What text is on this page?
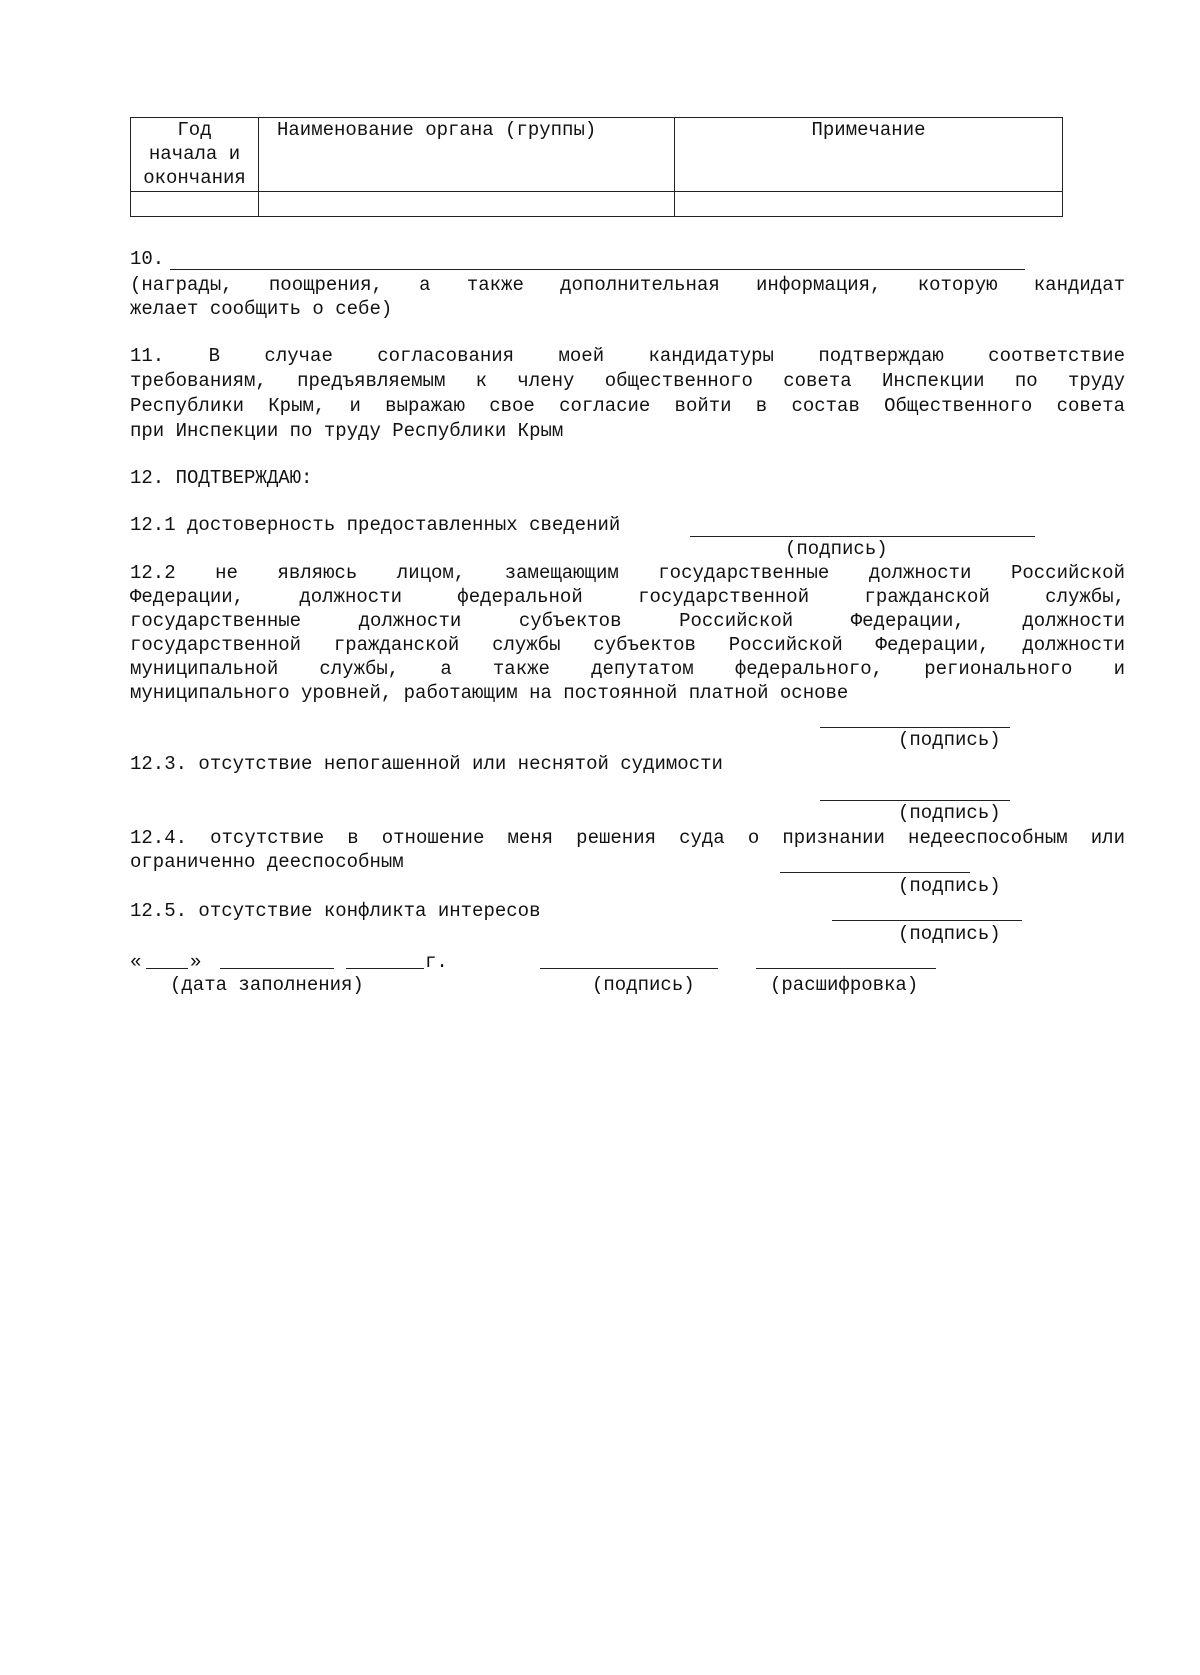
Год
начала и
окончания	Наименование органа (группы)	Примечание

10.
(награды, поощрения, а также дополнительная информация, которую кандидат
желает сообщить о себе)
11. В случае согласования моей кандидатуры подтверждаю соответствие
требованиям, предъявляемым к члену общественного совета Инспекции по труду
Республики Крым, и выражаю свое согласие войти в состав Общественного совета
при Инспекции по труду Республики Крым
12. ПОДТВЕРЖДАЮ:
12.1 достоверность предоставленных сведений
(подпись)
12.2 не являюсь лицом, замещающим государственные должности Российской
Федерации, должности федеральной государственной гражданской службы,
государственные должности субъектов Российской Федерации, должности
государственной гражданской службы субъектов Российской Федерации, должности
муниципальной службы, а также депутатом федерального, регионального и
муниципального уровней, работающим на постоянной платной основе
(подпись)
12.3. отсутствие непогашенной или неснятой судимости
(подпись)
12.4. отсутствие в отношение меня решения суда о признании недееспособным или
ограниченно дееспособным
(подпись)
12.5. отсутствие конфликта интересов
(подпись)
«	»	г.
(дата заполнения)	(подпись)	(расшифровка)
